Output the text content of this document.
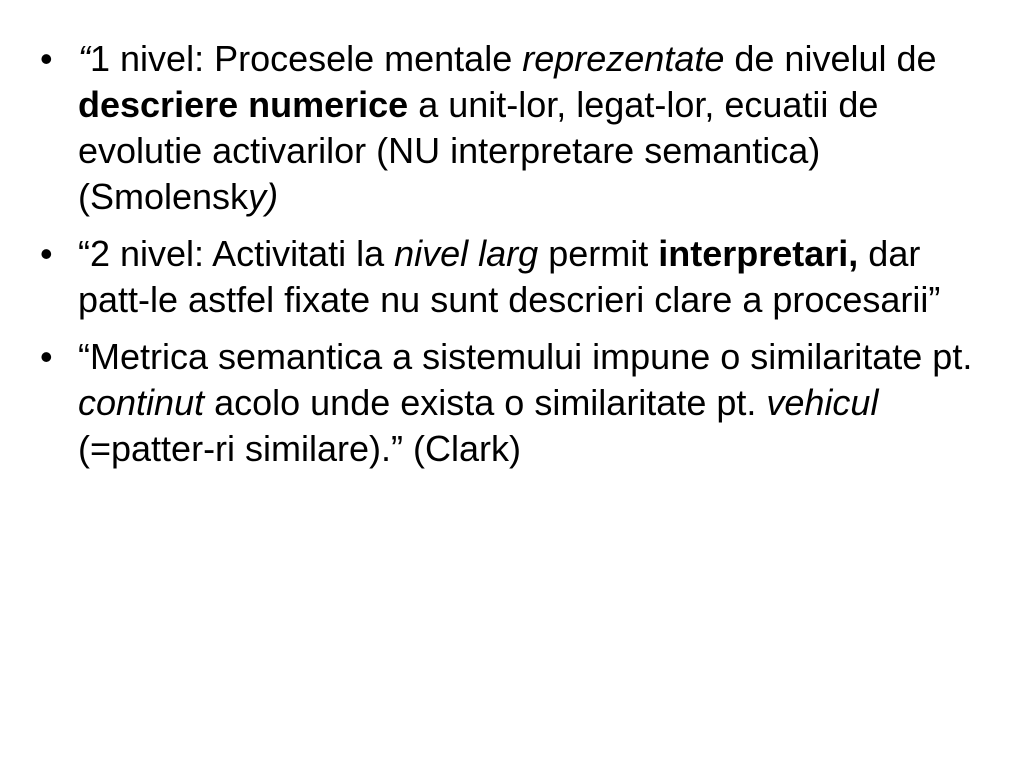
• “1 nivel: Procesele mentale reprezentate de nivelul de descriere numerice a unit-lor, legat-lor, ecuatii de evolutie activarilor (NU interpretare semantica) (Smolensky)
• “2 nivel: Activitati la nivel larg permit interpretari, dar patt-le astfel fixate nu sunt descrieri clare a procesarii”
• “Metrica semantica a sistemului impune o similaritate pt. continut acolo unde exista o similaritate pt. vehicul (=patter-ri similare).” (Clark)
